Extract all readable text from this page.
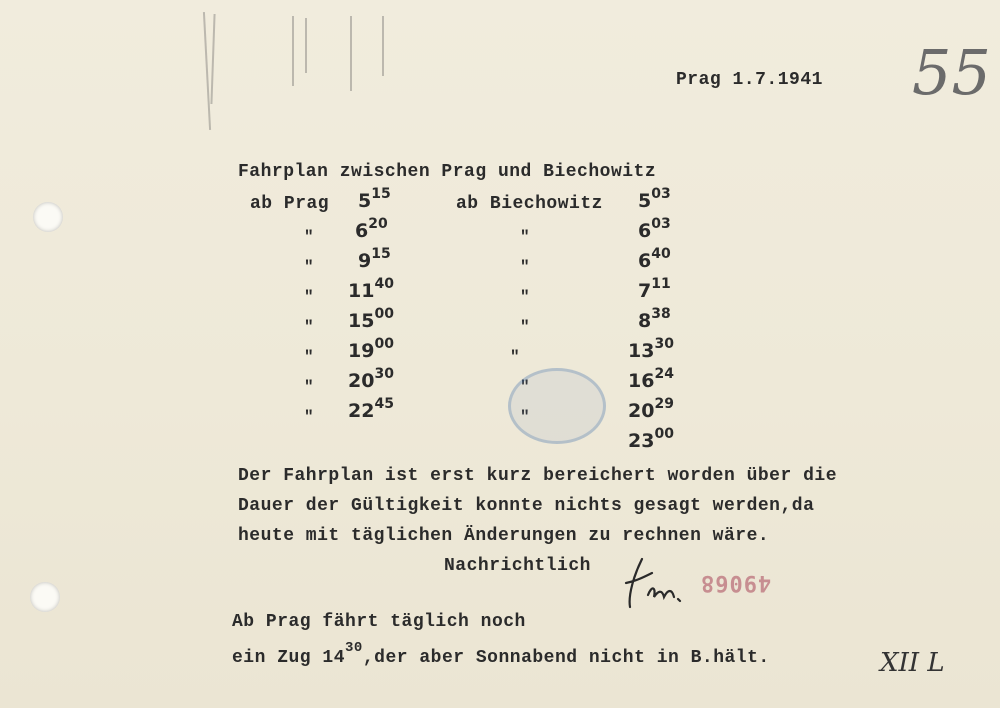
55
Prag 1.7.1941
Fahrplan zwischen Prag und Biechowitz
ab Prag	ab Biechowitz
$5^{15}$
$6^{20}$
"
$9^{15}$
"
$11^{40}$
"
$15^{00}$
"
$19^{00}$
"
$20^{30}$
"
$22^{45}$
"
$5^{03}$
$6^{03}$
"
$6^{40}$
"
$7^{11}$
"
$8^{38}$
"
$13^{30}$
"
$16^{24}$
"
$20^{29}$
"
$23^{00}$
Der Fahrplan ist erst kurz bereichert worden über die
Dauer der Gültigkeit konnte nichts gesagt werden,da
heute mit täglichen Änderungen zu rechnen wäre.
Nachrichtlich
49068
Ab Prag fährt täglich noch
ein Zug $14^{30},der$ aber Sonnabend nicht in B.hält.	XII L
